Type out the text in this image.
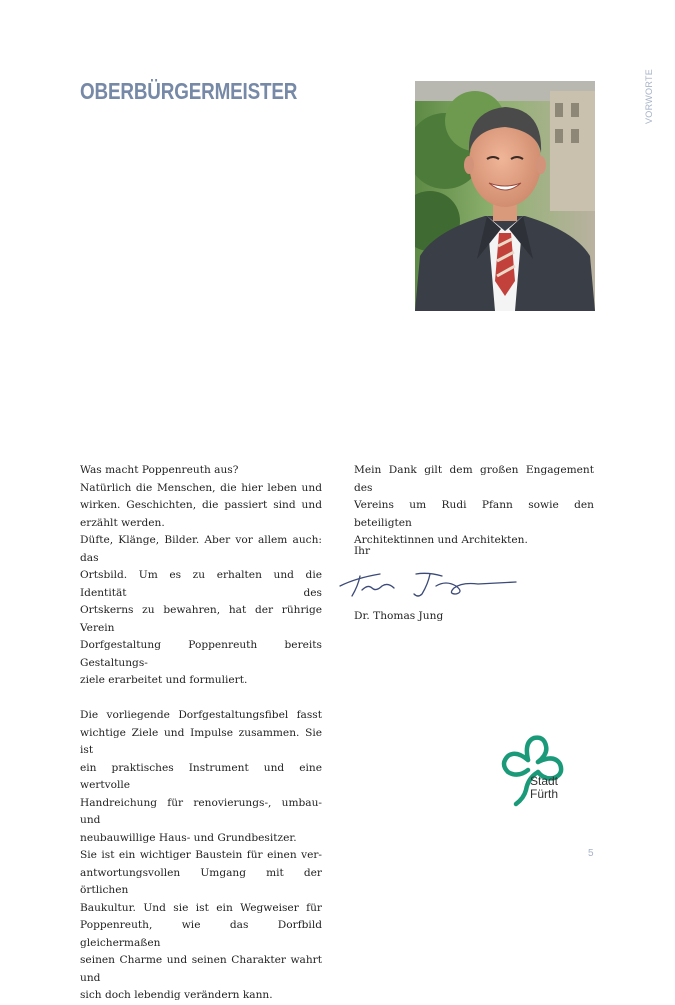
OBERBÜRGERMEISTER	VORWORTE

Was macht Poppenreuth aus?

Natürlich die Menschen, die hier leben und

wirken. Geschichten, die passiert sind und

erzählt werden.

Düfte, Klänge, Bilder. Aber vor allem auch: das

Ortsbild. Um es zu erhalten und die Identität des

Ortskerns zu bewahren, hat der rührige Verein

Dorfgestaltung Poppenreuth bereits Gestaltungs-

ziele erarbeitet und formuliert.

Die vorliegende Dorfgestaltungsfibel fasst

wichtige Ziele und Impulse zusammen. Sie ist

ein praktisches Instrument und eine wertvolle

Handreichung für renovierungs-, umbau- und

neubauwillige Haus- und Grundbesitzer.

Sie ist ein wichtiger Baustein für einen ver-

antwortungsvollen Umgang mit der örtlichen

Baukultur. Und sie ist ein Wegweiser für

Poppenreuth, wie das Dorfbild gleichermaßen

seinen Charme und seinen Charakter wahrt und

sich doch lebendig verändern kann.

Mein Dank gilt dem großen Engagement des

Vereins um Rudi Pfann sowie den beteiligten

Architektinnen und Architekten.

Ihr
Dr. Thomas Jung
Stadt
Fürth
5
